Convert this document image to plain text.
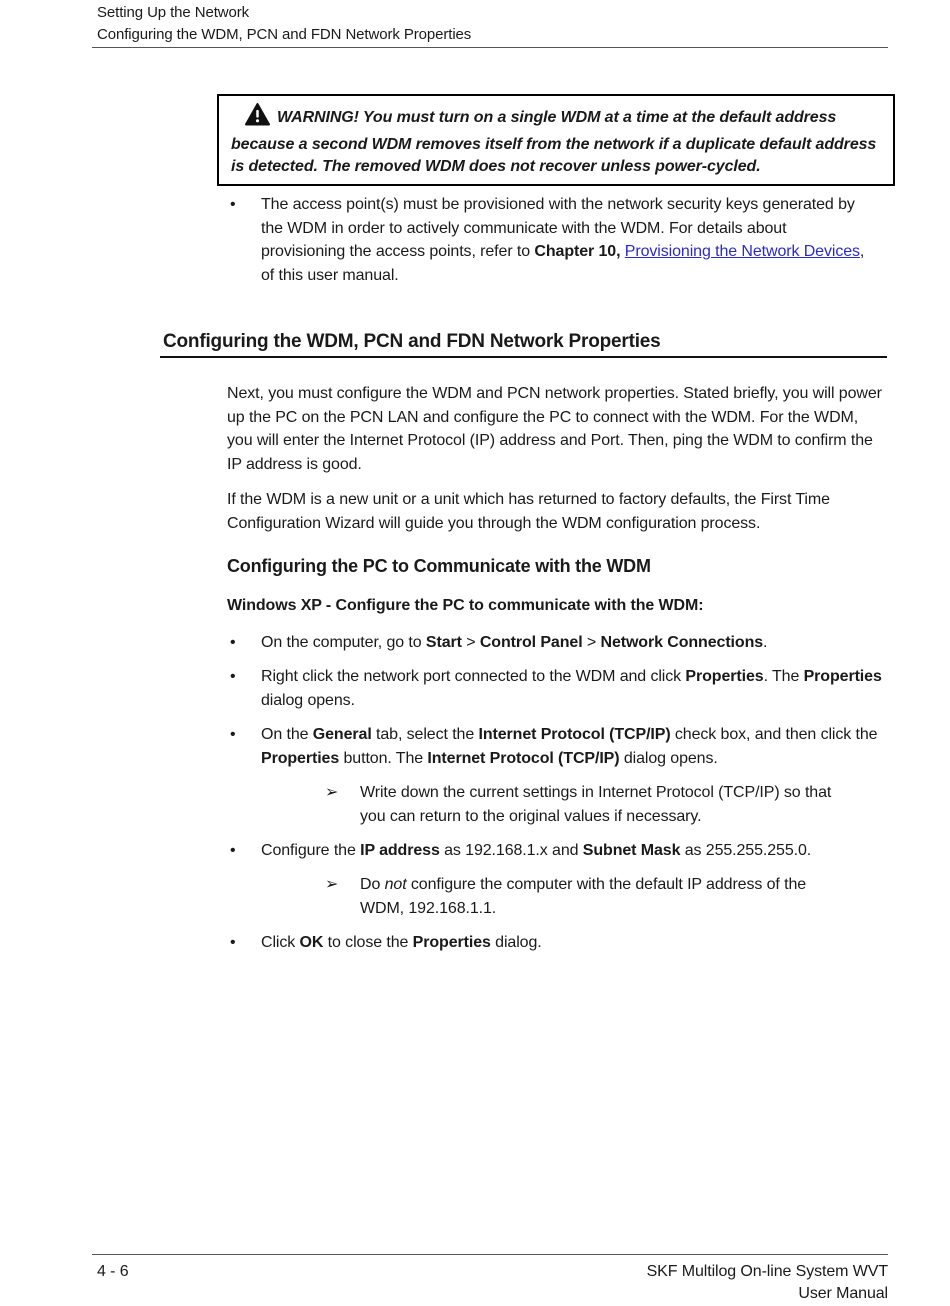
Setting Up the Network
Configuring the WDM, PCN and FDN Network Properties
WARNING! You must turn on a single WDM at a time at the default address because a second WDM removes itself from the network if a duplicate default address is detected. The removed WDM does not recover unless power-cycled.
•	The access point(s) must be provisioned with the network security keys generated by the WDM in order to actively communicate with the WDM. For details about provisioning the access points, refer to Chapter 10, Provisioning the Network Devices, of this user manual.
Configuring the WDM, PCN and FDN Network Properties
Next, you must configure the WDM and PCN network properties. Stated briefly, you will power up the PC on the PCN LAN and configure the PC to connect with the WDM. For the WDM, you will enter the Internet Protocol (IP) address and Port. Then, ping the WDM to confirm the IP address is good.
If the WDM is a new unit or a unit which has returned to factory defaults, the First Time Configuration Wizard will guide you through the WDM configuration process.
Configuring the PC to Communicate with the WDM
Windows XP - Configure the PC to communicate with the WDM:
•	On the computer, go to Start > Control Panel > Network Connections.
•	Right click the network port connected to the WDM and click Properties. The Properties dialog opens.
•	On the General tab, select the Internet Protocol (TCP/IP) check box, and then click the Properties button. The Internet Protocol (TCP/IP) dialog opens.
➢	Write down the current settings in Internet Protocol (TCP/IP) so that you can return to the original values if necessary.
•	Configure the IP address as 192.168.1.x and Subnet Mask as 255.255.255.0.
➢	Do not configure the computer with the default IP address of the WDM, 192.168.1.1.
•	Click OK to close the Properties dialog.
4 - 6	SKF Multilog On-line System WVT
User Manual
